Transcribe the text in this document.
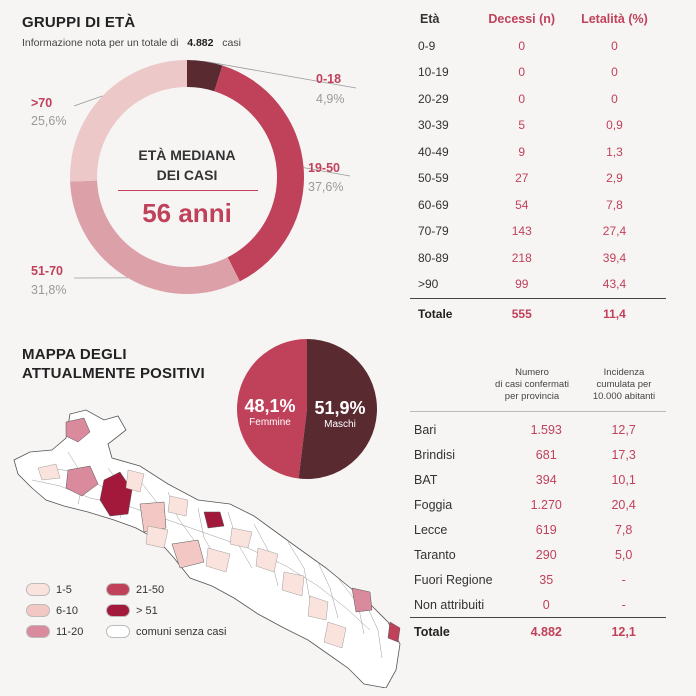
GRUPPI DI ETÀ
Informazione nota per un totale di 4.882 casi
0-18
4,9%
19-50
37,6%
51-70
31,8%
>70
25,6%
ETÀ MEDIANA
DEI CASI
56 anni
Età	Decessi (n)	Letalità (%)
0-9	0	0
10-19	0	0
20-29	0	0
30-39	5	0,9
40-49	9	1,3
50-59	27	2,9
60-69	54	7,8
70-79	143	27,4
80-89	218	39,4
>90	99	43,4
Totale	555	11,4
MAPPA DEGLI
ATTUALMENTE POSITIVI
1-5
6-10
11-20
21-50
> 51
comuni senza casi
48,1%
Femmine
51,9%
Maschi
Numero
di casi confermati
per provincia
Incidenza
cumulata per
10.000 abitanti
Bari	1.593	12,7
Brindisi	681	17,3
BAT	394	10,1
Foggia	1.270	20,4
Lecce	619	7,8
Taranto	290	5,0
Fuori Regione	35	-
Non attribuiti	0	-
Totale	4.882	12,1
